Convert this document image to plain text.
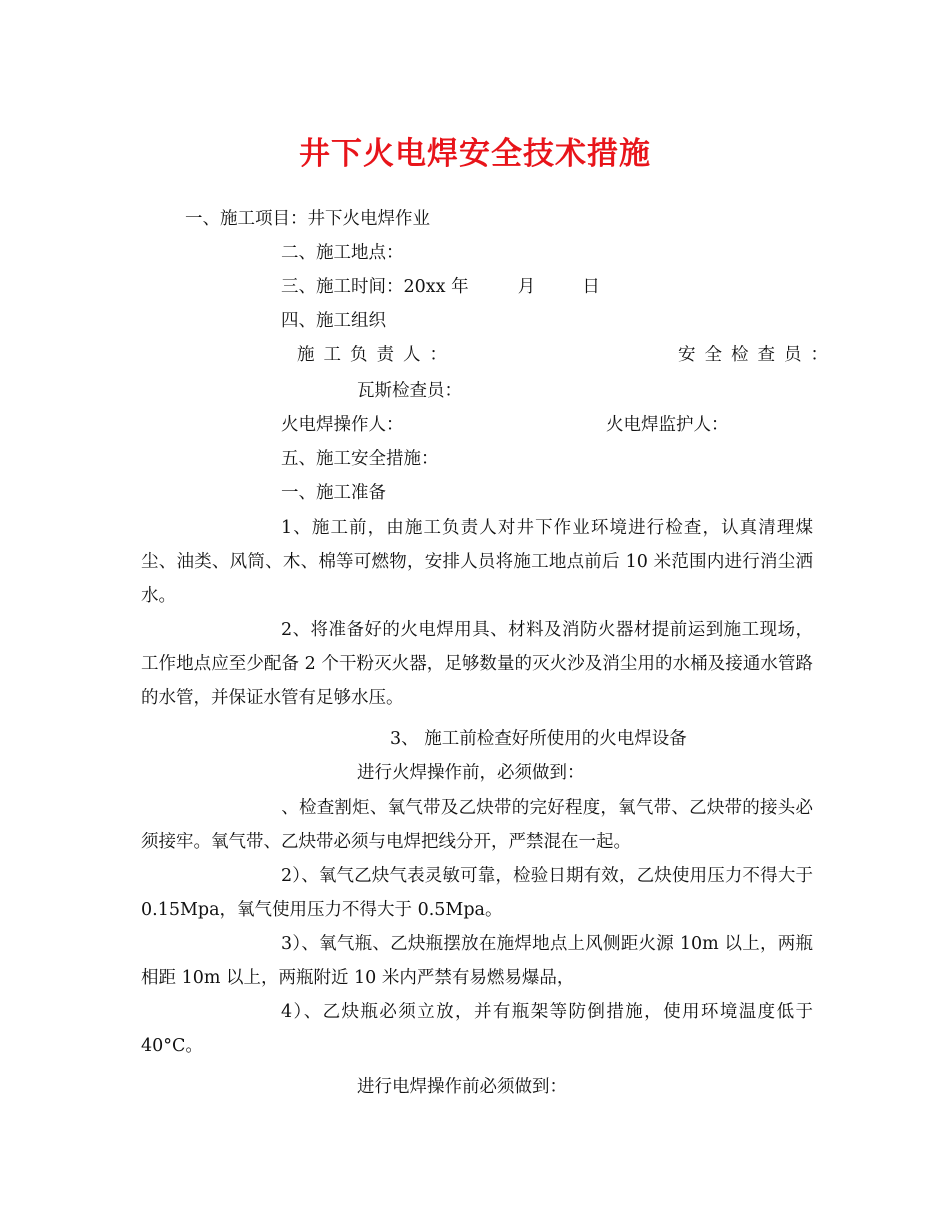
井下火电焊安全技术措施
一、施工项目：井下火电焊作业
二、施工地点：
三、施工时间：20xx 年	月	日
四、施工组织
施工负责人：	安全检查员：
瓦斯检查员：
火电焊操作人：	火电焊监护人：
五、施工安全措施：
一、施工准备
1、施工前，由施工负责人对井下作业环境进行检查，认真清理煤尘、油类、风筒、木、棉等可燃物，安排人员将施工地点前后 10 米范围内进行消尘洒水。
2、将准备好的火电焊用具、材料及消防火器材提前运到施工现场，工作地点应至少配备 2 个干粉灭火器，足够数量的灭火沙及消尘用的水桶及接通水管路的水管，并保证水管有足够水压。
3、 施工前检查好所使用的火电焊设备
进行火焊操作前，必须做到：
、检查割炬、氧气带及乙炔带的完好程度，氧气带、乙炔带的接头必须接牢。氧气带、乙炔带必须与电焊把线分开，严禁混在一起。
2）、氧气乙炔气表灵敏可靠，检验日期有效，乙炔使用压力不得大于 0.15Mpa，氧气使用压力不得大于 0.5Mpa。
3）、氧气瓶、乙炔瓶摆放在施焊地点上风侧距火源 10m 以上，两瓶相距 10m 以上，两瓶附近 10 米内严禁有易燃易爆品，
4）、乙炔瓶必须立放，并有瓶架等防倒措施，使用环境温度低于 40°C。
进行电焊操作前必须做到：
